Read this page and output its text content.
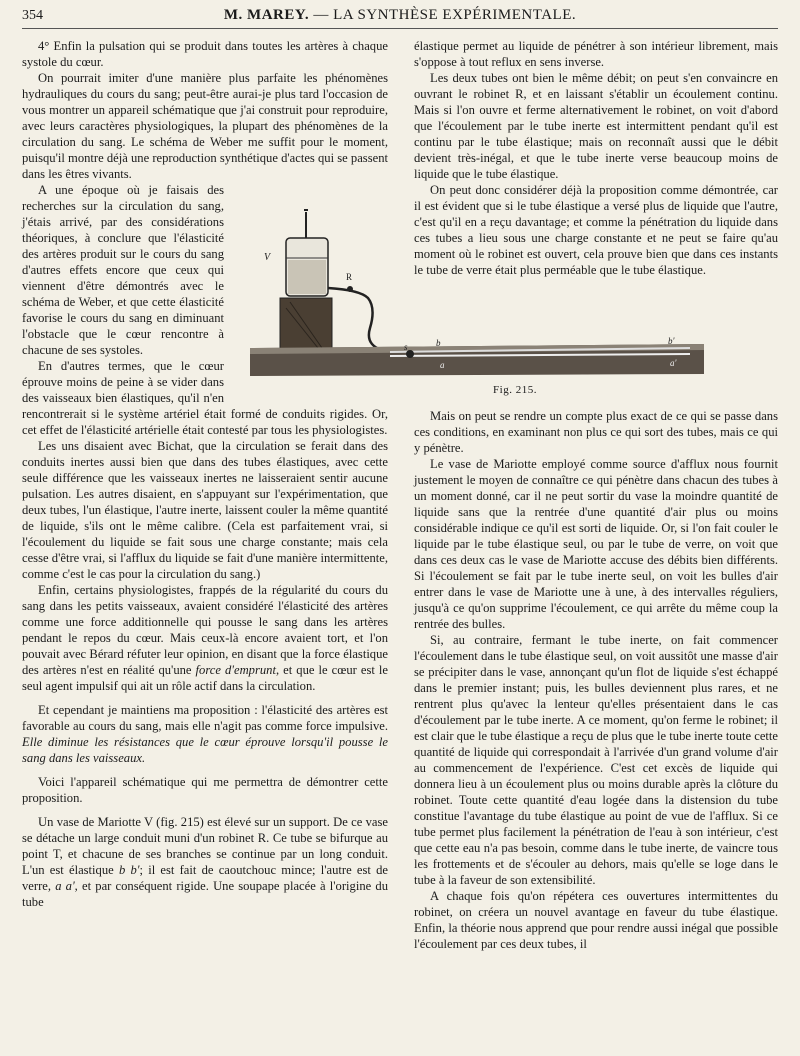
354	M. MAREY. — LA SYNTHÈSE EXPÉRIMENTALE.

4° Enfin la pulsation qui se produit dans toutes les artères à chaque systole du cœur.

On pourrait imiter d'une manière plus parfaite les phénomènes hydrauliques du cours du sang; peut-être aurai-je plus tard l'occasion de vous montrer un appareil schématique que j'ai construit pour reproduire, avec leurs caractères physiologiques, la plupart des phénomènes de la circulation du sang. Le schéma de Weber me suffit pour le moment, puisqu'il montre déjà une reproduction synthétique d'actes qui se passent dans les êtres vivants.

A une époque où je faisais des recherches sur la circulation du sang, j'étais arrivé, par des considérations théoriques, à conclure que l'élasticité des artères produit sur le cours du sang d'autres effets encore que ceux qui viennent d'être démontrés avec le schéma de Weber, et que cette élasticité favorise le cours du sang en diminuant l'obstacle que le cœur rencontre à chacune de ses systoles.

En d'autres termes, que le cœur éprouve moins de peine à se vider dans des vaisseaux bien élastiques, qu'il n'en rencontrerait si le système artériel était formé de conduits rigides. Or, cet effet de l'élasticité artérielle était contesté par tous les physiologistes.

Les uns disaient avec Bichat, que la circulation se ferait dans des conduits inertes aussi bien que dans des tubes élastiques, avec cette seule différence que les vaisseaux inertes ne laisseraient sentir aucune pulsation. Les autres disaient, en s'appuyant sur l'expérimentation, que deux tubes, l'un élastique, l'autre inerte, laissent couler la même quantité de liquide, s'ils ont le même calibre. (Cela est parfaitement vrai, si l'écoulement du liquide se fait sous une charge constante; mais cela cesse d'être vrai, si l'afflux du liquide se fait d'une manière intermittente, comme c'est le cas pour la circulation du sang.)

Enfin, certains physiologistes, frappés de la régularité du cours du sang dans les petits vaisseaux, avaient considéré l'élasticité des artères comme une force additionnelle qui pousse le sang dans les artères pendant le repos du cœur. Mais ceux-là encore avaient tort, et l'on pouvait avec Bérard réfuter leur opinion, en disant que la force élastique des artères n'est en réalité qu'une force d'emprunt, et que le cœur est le seul agent impulsif qui ait un rôle actif dans la circulation.

Et cependant je maintiens ma proposition : l'élasticité des artères est favorable au cours du sang, mais elle n'agit pas comme force impulsive. Elle diminue les résistances que le cœur éprouve lorsqu'il pousse le sang dans les vaisseaux.

Voici l'appareil schématique qui me permettra de démontrer cette proposition.

Un vase de Mariotte V (fig. 215) est élevé sur un support. De ce vase se détache un large conduit muni d'un robinet R. Ce tube se bifurque au point T, et chacune de ses branches se continue par un long conduit. L'un est élastique b b'; il est fait de caoutchouc mince; l'autre est de verre, a a', et par conséquent rigide. Une soupape placée à l'origine du tube

élastique permet au liquide de pénétrer à son intérieur librement, mais s'oppose à tout reflux en sens inverse.

Les deux tubes ont bien le même débit; on peut s'en convaincre en ouvrant le robinet R, et en laissant s'établir un écoulement continu. Mais si l'on ouvre et ferme alternativement le robinet, on voit d'abord que l'écoulement par le tube inerte est intermittent pendant qu'il est continu par le tube élastique; mais on reconnaît aussi que le débit devient très-inégal, et que le tube inerte verse beaucoup moins de liquide que le tube élastique.

On peut donc considérer déjà la proposition comme démontrée, car il est évident que si le tube élastique a versé plus de liquide que l'autre, c'est qu'il en a reçu davantage; et comme la pénétration du liquide dans ces tubes a lieu sous une charge constante et ne peut se faire qu'au moment où le robinet est ouvert, cela prouve bien que dans ces instants le tube de verre était plus perméable que le tube élastique.

V
R
s	b	b'
a	a'
Fig. 215.

Mais on peut se rendre un compte plus exact de ce qui se passe dans ces conditions, en examinant non plus ce qui sort des tubes, mais ce qui y pénètre.

Le vase de Mariotte employé comme source d'afflux nous fournit justement le moyen de connaître ce qui pénètre dans chacun des tubes à un moment donné, car il ne peut sortir du vase la moindre quantité de liquide sans que la rentrée d'une quantité d'air plus ou moins considérable indique ce qu'il est sorti de liquide. Or, si l'on fait couler le liquide par le tube élastique seul, ou par le tube de verre, on voit que dans ces deux cas le vase de Mariotte accuse des débits bien différents. Si l'écoulement se fait par le tube inerte seul, on voit les bulles d'air entrer dans le vase de Mariotte une à une, à des intervalles réguliers, jusqu'à ce qu'on supprime l'écoulement, ce qui arrête du même coup la rentrée des bulles.

Si, au contraire, fermant le tube inerte, on fait commencer l'écoulement dans le tube élastique seul, on voit aussitôt une masse d'air se précipiter dans le vase, annonçant qu'un flot de liquide s'est échappé dans le premier instant; puis, les bulles deviennent plus rares, et ne rentrent plus qu'avec la lenteur qu'elles présentaient dans le cas d'écoulement par le tube inerte. A ce moment, qu'on ferme le robinet; il est clair que le tube élastique a reçu de plus que le tube inerte toute cette quantité de liquide qui correspondait à l'arrivée d'un grand volume d'air au commencement de l'expérience. C'est cet excès de liquide qui donnera lieu à un écoulement plus ou moins durable après la clôture du robinet. Toute cette quantité d'eau logée dans la distension du tube constitue l'avantage du tube élastique au point de vue de l'afflux. Si ce tube permet plus facilement la pénétration de l'eau à son intérieur, c'est que cette eau n'a pas besoin, comme dans le tube inerte, de vaincre tous les frottements et de s'écouler au dehors, mais qu'elle se loge dans le tube à la faveur de son extensibilité.

A chaque fois qu'on répétera ces ouvertures intermittentes du robinet, on créera un nouvel avantage en faveur du tube élastique. Enfin, la théorie nous apprend que pour rendre aussi inégal que possible l'écoulement par ces deux tubes, il
